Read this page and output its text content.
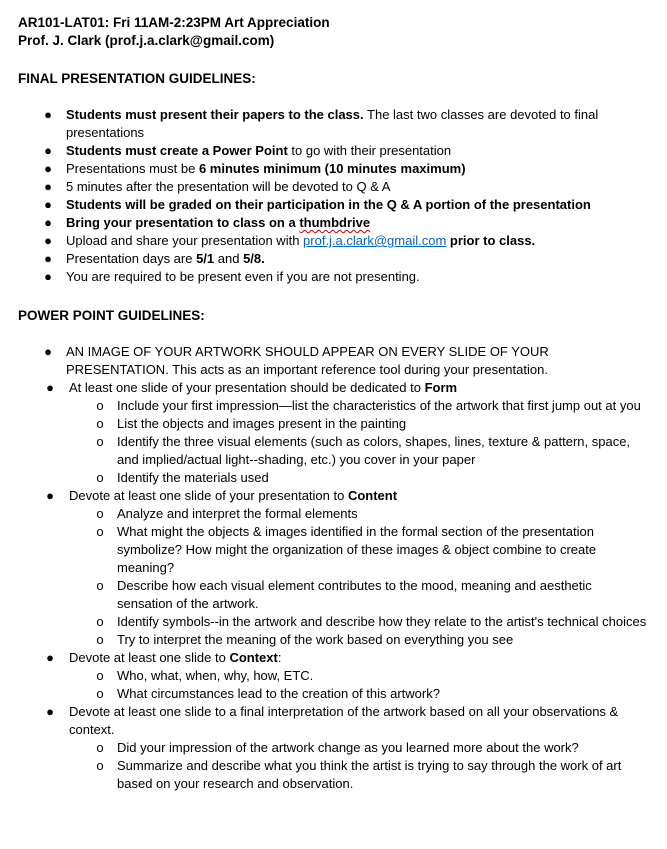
AR101-LAT01: Fri 11AM-2:23PM Art Appreciation

Prof. J. Clark (prof.j.a.clark@gmail.com)

FINAL PRESENTATION GUIDELINES:

● Students must present their papers to the class. The last two classes are devoted to final presentations
● Students must create a Power Point to go with their presentation
● Presentations must be 6 minutes minimum (10 minutes maximum)
● 5 minutes after the presentation will be devoted to Q & A
● Students will be graded on their participation in the Q & A portion of the presentation
● Bring your presentation to class on a thumbdrive
● Upload and share your presentation with prof.j.a.clark@gmail.com prior to class.
● Presentation days are 5/1 and 5/8.
● You are required to be present even if you are not presenting.

POWER POINT GUIDELINES:

● AN IMAGE OF YOUR ARTWORK SHOULD APPEAR ON EVERY SLIDE OF YOUR PRESENTATION. This acts as an important reference tool during your presentation.
● At least one slide of your presentation should be dedicated to Form
o Include your first impression—list the characteristics of the artwork that first jump out at you
o List the objects and images present in the painting
o Identify the three visual elements (such as colors, shapes, lines, texture & pattern, space, and implied/actual light--shading, etc.) you cover in your paper
o Identify the materials used
● Devote at least one slide of your presentation to Content
o Analyze and interpret the formal elements
o What might the objects & images identified in the formal section of the presentation symbolize? How might the organization of these images & object combine to create meaning?
o Describe how each visual element contributes to the mood, meaning and aesthetic sensation of the artwork.
o Identify symbols--in the artwork and describe how they relate to the artist's technical choices
o Try to interpret the meaning of the work based on everything you see
● Devote at least one slide to Context:
o Who, what, when, why, how, ETC.
o What circumstances lead to the creation of this artwork?
● Devote at least one slide to a final interpretation of the artwork based on all your observations & context.
o Did your impression of the artwork change as you learned more about the work?
o Summarize and describe what you think the artist is trying to say through the work of art based on your research and observation.
